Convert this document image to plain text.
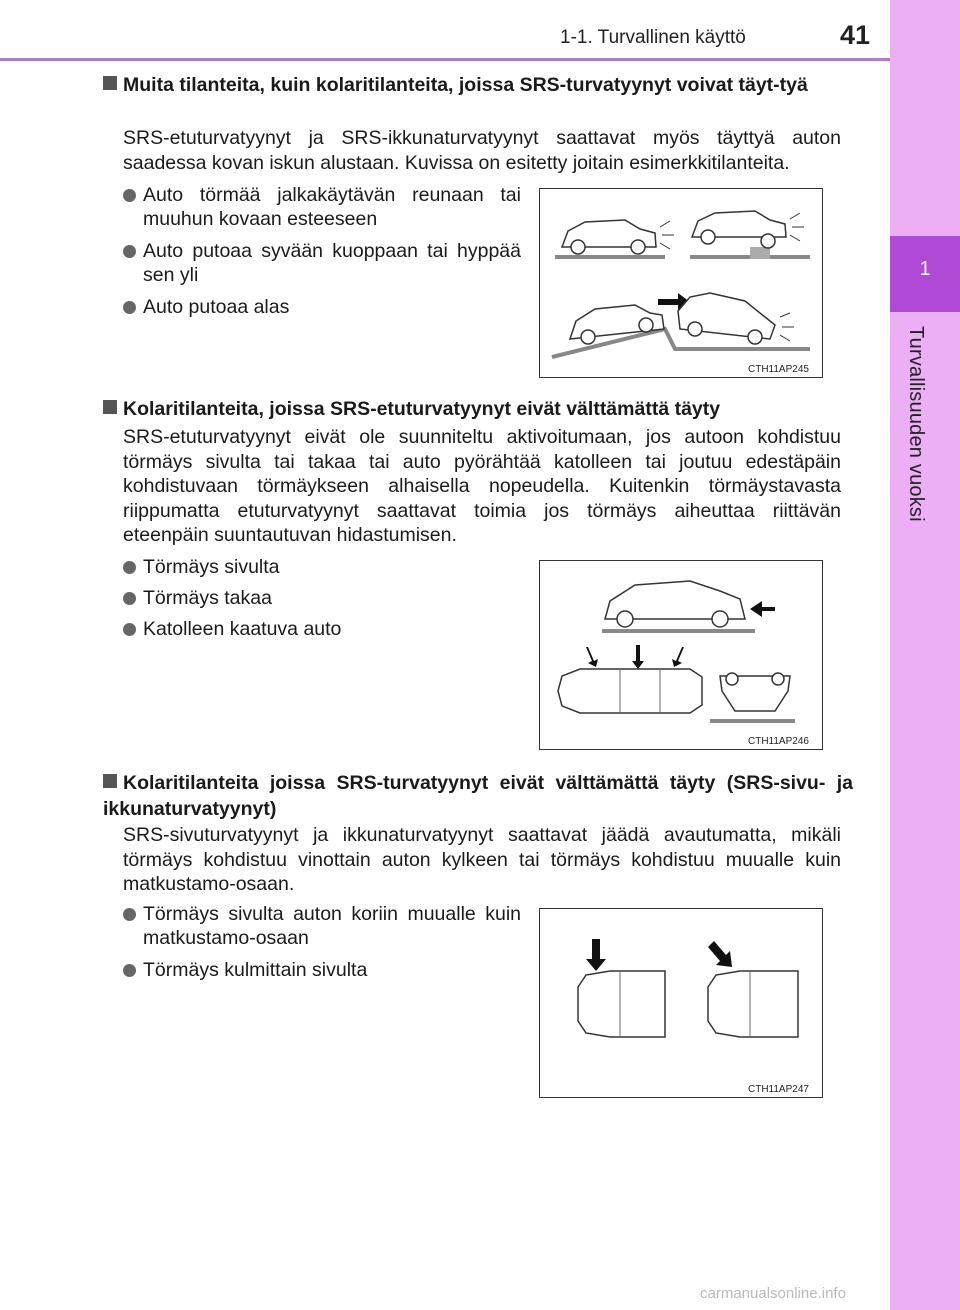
1-1. Turvallinen käyttö	41
1
Turvallisuuden vuoksi
Muita tilanteita, kuin kolaritilanteita, joissa SRS-turvatyynyt voivat täyt-tyä
SRS-etuturvatyynyt ja SRS-ikkunaturvatyynyt saattavat myös täyttyä auton saadessa kovan iskun alustaan. Kuvissa on esitetty joitain esimerkkitilanteita.
Auto törmää jalkakäytävän reunaan tai muuhun kovaan esteeseen
Auto putoaa syvään kuoppaan tai hyppää sen yli
Auto putoaa alas
CTH11AP245
Kolaritilanteita, joissa SRS-etuturvatyynyt eivät välttämättä täyty
SRS-etuturvatyynyt eivät ole suunniteltu aktivoitumaan, jos autoon kohdistuu törmäys sivulta tai takaa tai auto pyörähtää katolleen tai joutuu edestäpäin kohdistuvaan törmäykseen alhaisella nopeudella. Kuitenkin törmäystavasta riippumatta etuturvatyynyt saattavat toimia jos törmäys aiheuttaa riittävän eteenpäin suuntautuvan hidastumisen.
Törmäys sivulta
Törmäys takaa
Katolleen kaatuva auto
CTH11AP246
Kolaritilanteita joissa SRS-turvatyynyt eivät välttämättä täyty (SRS-sivu- ja ikkunaturvatyynyt)
SRS-sivuturvatyynyt ja ikkunaturvatyynyt saattavat jäädä avautumatta, mikäli törmäys kohdistuu vinottain auton kylkeen tai törmäys kohdistuu muualle kuin matkustamo-osaan.
Törmäys sivulta auton koriin muualle kuin matkustamo-osaan
Törmäys kulmittain sivulta
CTH11AP247
carmanualsonline.info
